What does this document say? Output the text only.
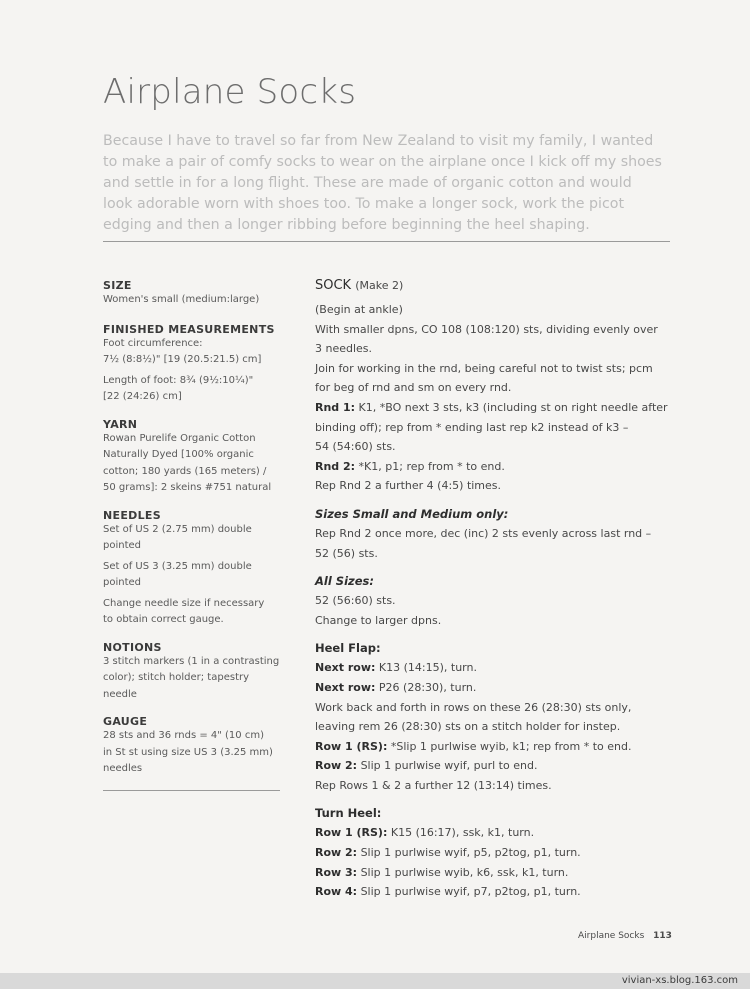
Airplane Socks
Because I have to travel so far from New Zealand to visit my family, I wanted
to make a pair of comfy socks to wear on the airplane once I kick off my shoes
and settle in for a long flight. These are made of organic cotton and would
look adorable worn with shoes too. To make a longer sock, work the picot
edging and then a longer ribbing before beginning the heel shaping.
SIZE
Women's small (medium:large)
FINISHED MEASUREMENTS
Foot circumference:
7½ (8:8½)" [19 (20.5:21.5) cm]
Length of foot: 8¾ (9½:10¼)"
[22 (24:26) cm]
YARN
Rowan Purelife Organic Cotton
Naturally Dyed [100% organic
cotton; 180 yards (165 meters) /
50 grams]: 2 skeins #751 natural
NEEDLES
Set of US 2 (2.75 mm) double
pointed
Set of US 3 (3.25 mm) double
pointed
Change needle size if necessary
to obtain correct gauge.
NOTIONS
3 stitch markers (1 in a contrasting
color); stitch holder; tapestry
needle
GAUGE
28 sts and 36 rnds = 4" (10 cm)
in St st using size US 3 (3.25 mm)
needles
SOCK (Make 2)
(Begin at ankle)
With smaller dpns, CO 108 (108:120) sts, dividing evenly over
3 needles.
Join for working in the rnd, being careful not to twist sts; pcm
for beg of rnd and sm on every rnd.
Rnd 1: K1, *BO next 3 sts, k3 (including st on right needle after
binding off); rep from * ending last rep k2 instead of k3 –
54 (54:60) sts.
Rnd 2: *K1, p1; rep from * to end.
Rep Rnd 2 a further 4 (4:5) times.
Sizes Small and Medium only:
Rep Rnd 2 once more, dec (inc) 2 sts evenly across last rnd –
52 (56) sts.
All Sizes:
52 (56:60) sts.
Change to larger dpns.
Heel Flap:
Next row: K13 (14:15), turn.
Next row: P26 (28:30), turn.
Work back and forth in rows on these 26 (28:30) sts only,
leaving rem 26 (28:30) sts on a stitch holder for instep.
Row 1 (RS): *Slip 1 purlwise wyib, k1; rep from * to end.
Row 2: Slip 1 purlwise wyif, purl to end.
Rep Rows 1 & 2 a further 12 (13:14) times.
Turn Heel:
Row 1 (RS): K15 (16:17), ssk, k1, turn.
Row 2: Slip 1 purlwise wyif, p5, p2tog, p1, turn.
Row 3: Slip 1 purlwise wyib, k6, ssk, k1, turn.
Row 4: Slip 1 purlwise wyif, p7, p2tog, p1, turn.
Airplane Socks 113
vivian-xs.blog.163.com
